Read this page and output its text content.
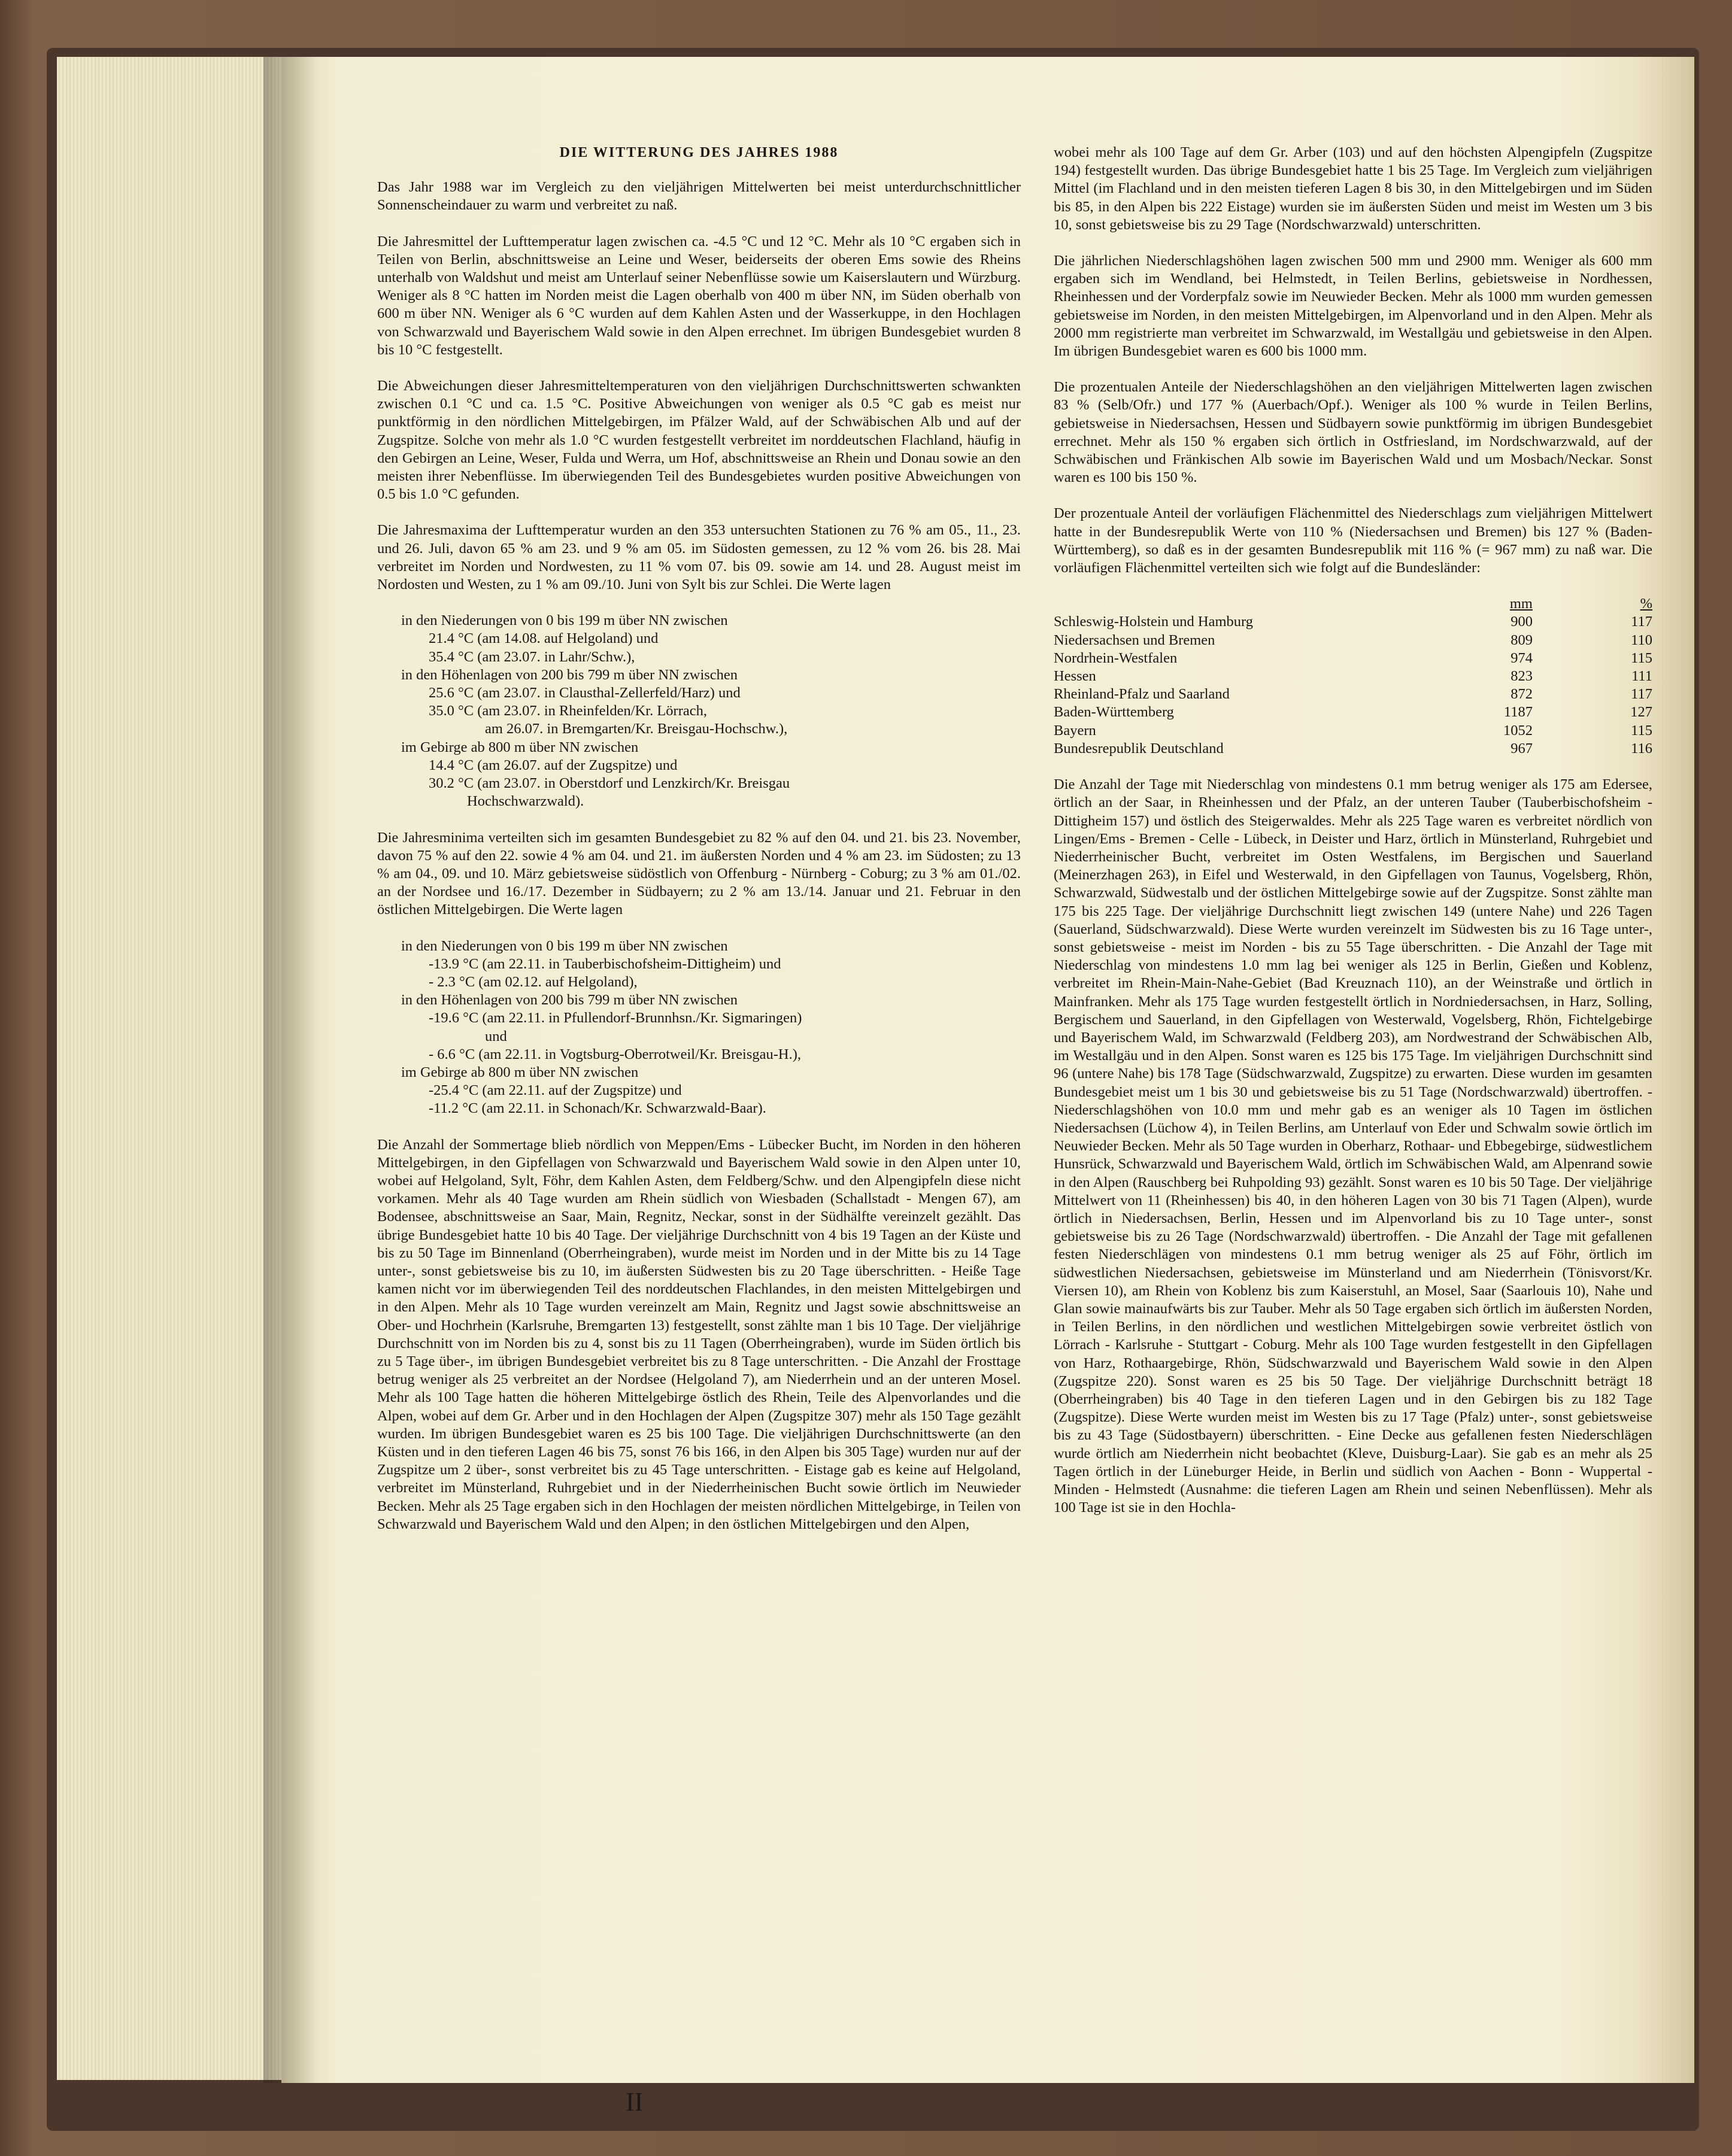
DIE WITTERUNG DES JAHRES 1988

Das Jahr 1988 war im Vergleich zu den vieljährigen Mittelwerten bei meist unterdurchschnittlicher Sonnenscheindauer zu warm und verbreitet zu naß.

Die Jahresmittel der Lufttemperatur lagen zwischen ca. -4.5 °C und 12 °C. Mehr als 10 °C ergaben sich in Teilen von Berlin, abschnittsweise an Leine und Weser, beiderseits der oberen Ems sowie des Rheins unterhalb von Waldshut und meist am Unterlauf seiner Nebenflüsse sowie um Kaiserslautern und Würzburg. Weniger als 8 °C hatten im Norden meist die Lagen oberhalb von 400 m über NN, im Süden oberhalb von 600 m über NN. Weniger als 6 °C wurden auf dem Kahlen Asten und der Wasserkuppe, in den Hochlagen von Schwarzwald und Bayerischem Wald sowie in den Alpen errechnet. Im übrigen Bundesgebiet wurden 8 bis 10 °C festgestellt.

Die Abweichungen dieser Jahresmitteltemperaturen von den vieljährigen Durchschnittswerten schwankten zwischen 0.1 °C und ca. 1.5 °C. Positive Abweichungen von weniger als 0.5 °C gab es meist nur punktförmig in den nördlichen Mittelgebirgen, im Pfälzer Wald, auf der Schwäbischen Alb und auf der Zugspitze. Solche von mehr als 1.0 °C wurden festgestellt verbreitet im norddeutschen Flachland, häufig in den Gebirgen an Leine, Weser, Fulda und Werra, um Hof, abschnittsweise an Rhein und Donau sowie an den meisten ihrer Nebenflüsse. Im überwiegenden Teil des Bundesgebietes wurden positive Abweichungen von 0.5 bis 1.0 °C gefunden.

Die Jahresmaxima der Lufttemperatur wurden an den 353 untersuchten Stationen zu 76 % am 05., 11., 23. und 26. Juli, davon 65 % am 23. und 9 % am 05. im Südosten gemessen, zu 12 % vom 26. bis 28. Mai verbreitet im Norden und Nordwesten, zu 11 % vom 07. bis 09. sowie am 14. und 28. August meist im Nordosten und Westen, zu 1 % am 09./10. Juni von Sylt bis zur Schlei. Die Werte lagen

in den Niederungen von 0 bis 199 m über NN zwischen
21.4 °C (am 14.08. auf Helgoland) und
35.4 °C (am 23.07. in Lahr/Schw.),
in den Höhenlagen von 200 bis 799 m über NN zwischen
25.6 °C (am 23.07. in Clausthal-Zellerfeld/Harz) und
35.0 °C (am 23.07. in Rheinfelden/Kr. Lörrach,
am 26.07. in Bremgarten/Kr. Breisgau-Hochschw.),
im Gebirge ab 800 m über NN zwischen
14.4 °C (am 26.07. auf der Zugspitze) und
30.2 °C (am 23.07. in Oberstdorf und Lenzkirch/Kr. Breisgau
Hochschwarzwald).

Die Jahresminima verteilten sich im gesamten Bundesgebiet zu 82 % auf den 04. und 21. bis 23. November, davon 75 % auf den 22. sowie 4 % am 04. und 21. im äußersten Norden und 4 % am 23. im Südosten; zu 13 % am 04., 09. und 10. März gebietsweise südöstlich von Offenburg - Nürnberg - Coburg; zu 3 % am 01./02. an der Nordsee und 16./17. Dezember in Südbayern; zu 2 % am 13./14. Januar und 21. Februar in den östlichen Mittelgebirgen. Die Werte lagen

in den Niederungen von 0 bis 199 m über NN zwischen
-13.9 °C (am 22.11. in Tauberbischofsheim-Dittigheim) und
- 2.3 °C (am 02.12. auf Helgoland),
in den Höhenlagen von 200 bis 799 m über NN zwischen
-19.6 °C (am 22.11. in Pfullendorf-Brunnhsn./Kr. Sigmaringen)
und
- 6.6 °C (am 22.11. in Vogtsburg-Oberrotweil/Kr. Breisgau-H.),
im Gebirge ab 800 m über NN zwischen
-25.4 °C (am 22.11. auf der Zugspitze) und
-11.2 °C (am 22.11. in Schonach/Kr. Schwarzwald-Baar).

Die Anzahl der Sommertage blieb nördlich von Meppen/Ems - Lübecker Bucht, im Norden in den höheren Mittelgebirgen, in den Gipfellagen von Schwarzwald und Bayerischem Wald sowie in den Alpen unter 10, wobei auf Helgoland, Sylt, Föhr, dem Kahlen Asten, dem Feldberg/Schw. und den Alpengipfeln diese nicht vorkamen. Mehr als 40 Tage wurden am Rhein südlich von Wiesbaden (Schallstadt - Mengen 67), am Bodensee, abschnittsweise an Saar, Main, Regnitz, Neckar, sonst in der Südhälfte vereinzelt gezählt. Das übrige Bundesgebiet hatte 10 bis 40 Tage. Der vieljährige Durchschnitt von 4 bis 19 Tagen an der Küste und bis zu 50 Tage im Binnenland (Oberrheingraben), wurde meist im Norden und in der Mitte bis zu 14 Tage unter-, sonst gebietsweise bis zu 10, im äußersten Südwesten bis zu 20 Tage überschritten. - Heiße Tage kamen nicht vor im überwiegenden Teil des norddeutschen Flachlandes, in den meisten Mittelgebirgen und in den Alpen. Mehr als 10 Tage wurden vereinzelt am Main, Regnitz und Jagst sowie abschnittsweise an Ober- und Hochrhein (Karlsruhe, Bremgarten 13) festgestellt, sonst zählte man 1 bis 10 Tage. Der vieljährige Durchschnitt von im Norden bis zu 4, sonst bis zu 11 Tagen (Oberrheingraben), wurde im Süden örtlich bis zu 5 Tage über-, im übrigen Bundesgebiet verbreitet bis zu 8 Tage unterschritten. - Die Anzahl der Frosttage betrug weniger als 25 verbreitet an der Nordsee (Helgoland 7), am Niederrhein und an der unteren Mosel. Mehr als 100 Tage hatten die höheren Mittelgebirge östlich des Rhein, Teile des Alpenvorlandes und die Alpen, wobei auf dem Gr. Arber und in den Hochlagen der Alpen (Zugspitze 307) mehr als 150 Tage gezählt wurden. Im übrigen Bundesgebiet waren es 25 bis 100 Tage. Die vieljährigen Durchschnittswerte (an den Küsten und in den tieferen Lagen 46 bis 75, sonst 76 bis 166, in den Alpen bis 305 Tage) wurden nur auf der Zugspitze um 2 über-, sonst verbreitet bis zu 45 Tage unterschritten. - Eistage gab es keine auf Helgoland, verbreitet im Münsterland, Ruhrgebiet und in der Niederrheinischen Bucht sowie örtlich im Neuwieder Becken. Mehr als 25 Tage ergaben sich in den Hochlagen der meisten nördlichen Mittelgebirge, in Teilen von Schwarzwald und Bayerischem Wald und den Alpen; in den östlichen Mittelgebirgen und den Alpen,

wobei mehr als 100 Tage auf dem Gr. Arber (103) und auf den höchsten Alpengipfeln (Zugspitze 194) festgestellt wurden. Das übrige Bundesgebiet hatte 1 bis 25 Tage. Im Vergleich zum vieljährigen Mittel (im Flachland und in den meisten tieferen Lagen 8 bis 30, in den Mittelgebirgen und im Süden bis 85, in den Alpen bis 222 Eistage) wurden sie im äußersten Süden und meist im Westen um 3 bis 10, sonst gebietsweise bis zu 29 Tage (Nordschwarzwald) unterschritten.

Die jährlichen Niederschlagshöhen lagen zwischen 500 mm und 2900 mm. Weniger als 600 mm ergaben sich im Wendland, bei Helmstedt, in Teilen Berlins, gebietsweise in Nordhessen, Rheinhessen und der Vorderpfalz sowie im Neuwieder Becken. Mehr als 1000 mm wurden gemessen gebietsweise im Norden, in den meisten Mittelgebirgen, im Alpenvorland und in den Alpen. Mehr als 2000 mm registrierte man verbreitet im Schwarzwald, im Westallgäu und gebietsweise in den Alpen. Im übrigen Bundesgebiet waren es 600 bis 1000 mm.

Die prozentualen Anteile der Niederschlagshöhen an den vieljährigen Mittelwerten lagen zwischen 83 % (Selb/Ofr.) und 177 % (Auerbach/Opf.). Weniger als 100 % wurde in Teilen Berlins, gebietsweise in Niedersachsen, Hessen und Südbayern sowie punktförmig im übrigen Bundesgebiet errechnet. Mehr als 150 % ergaben sich örtlich in Ostfriesland, im Nordschwarzwald, auf der Schwäbischen und Fränkischen Alb sowie im Bayerischen Wald und um Mosbach/Neckar. Sonst waren es 100 bis 150 %.

Der prozentuale Anteil der vorläufigen Flächenmittel des Niederschlags zum vieljährigen Mittelwert hatte in der Bundesrepublik Werte von 110 % (Niedersachsen und Bremen) bis 127 % (Baden-Württemberg), so daß es in der gesamten Bundesrepublik mit 116 % (= 967 mm) zu naß war. Die vorläufigen Flächenmittel verteilten sich wie folgt auf die Bundesländer:

	mm	%
Schleswig-Holstein und Hamburg	900	117
Niedersachsen und Bremen	809	110
Nordrhein-Westfalen	974	115
Hessen	823	111
Rheinland-Pfalz und Saarland	872	117
Baden-Württemberg	1187	127
Bayern	1052	115
Bundesrepublik Deutschland	967	116

Die Anzahl der Tage mit Niederschlag von mindestens 0.1 mm betrug weniger als 175 am Edersee, örtlich an der Saar, in Rheinhessen und der Pfalz, an der unteren Tauber (Tauberbischofsheim - Dittigheim 157) und östlich des Steigerwaldes. Mehr als 225 Tage waren es verbreitet nördlich von Lingen/Ems - Bremen - Celle - Lübeck, in Deister und Harz, örtlich in Münsterland, Ruhrgebiet und Niederrheinischer Bucht, verbreitet im Osten Westfalens, im Bergischen und Sauerland (Meinerzhagen 263), in Eifel und Westerwald, in den Gipfellagen von Taunus, Vogelsberg, Rhön, Schwarzwald, Südwestalb und der östlichen Mittelgebirge sowie auf der Zugspitze. Sonst zählte man 175 bis 225 Tage. Der vieljährige Durchschnitt liegt zwischen 149 (untere Nahe) und 226 Tagen (Sauerland, Südschwarzwald). Diese Werte wurden vereinzelt im Südwesten bis zu 16 Tage unter-, sonst gebietsweise - meist im Norden - bis zu 55 Tage überschritten. - Die Anzahl der Tage mit Niederschlag von mindestens 1.0 mm lag bei weniger als 125 in Berlin, Gießen und Koblenz, verbreitet im Rhein-Main-Nahe-Gebiet (Bad Kreuznach 110), an der Weinstraße und örtlich in Mainfranken. Mehr als 175 Tage wurden festgestellt örtlich in Nordniedersachsen, in Harz, Solling, Bergischem und Sauerland, in den Gipfellagen von Westerwald, Vogelsberg, Rhön, Fichtelgebirge und Bayerischem Wald, im Schwarzwald (Feldberg 203), am Nordwestrand der Schwäbischen Alb, im Westallgäu und in den Alpen. Sonst waren es 125 bis 175 Tage. Im vieljährigen Durchschnitt sind 96 (untere Nahe) bis 178 Tage (Südschwarzwald, Zugspitze) zu erwarten. Diese wurden im gesamten Bundesgebiet meist um 1 bis 30 und gebietsweise bis zu 51 Tage (Nordschwarzwald) übertroffen. - Niederschlagshöhen von 10.0 mm und mehr gab es an weniger als 10 Tagen im östlichen Niedersachsen (Lüchow 4), in Teilen Berlins, am Unterlauf von Eder und Schwalm sowie örtlich im Neuwieder Becken. Mehr als 50 Tage wurden in Oberharz, Rothaar- und Ebbegebirge, südwestlichem Hunsrück, Schwarzwald und Bayerischem Wald, örtlich im Schwäbischen Wald, am Alpenrand sowie in den Alpen (Rauschberg bei Ruhpolding 93) gezählt. Sonst waren es 10 bis 50 Tage. Der vieljährige Mittelwert von 11 (Rheinhessen) bis 40, in den höheren Lagen von 30 bis 71 Tagen (Alpen), wurde örtlich in Niedersachsen, Berlin, Hessen und im Alpenvorland bis zu 10 Tage unter-, sonst gebietsweise bis zu 26 Tage (Nordschwarzwald) übertroffen. - Die Anzahl der Tage mit gefallenen festen Niederschlägen von mindestens 0.1 mm betrug weniger als 25 auf Föhr, örtlich im südwestlichen Niedersachsen, gebietsweise im Münsterland und am Niederrhein (Tönisvorst/Kr. Viersen 10), am Rhein von Koblenz bis zum Kaiserstuhl, an Mosel, Saar (Saarlouis 10), Nahe und Glan sowie mainaufwärts bis zur Tauber. Mehr als 50 Tage ergaben sich örtlich im äußersten Norden, in Teilen Berlins, in den nördlichen und westlichen Mittelgebirgen sowie verbreitet östlich von Lörrach - Karlsruhe - Stuttgart - Coburg. Mehr als 100 Tage wurden festgestellt in den Gipfellagen von Harz, Rothaargebirge, Rhön, Südschwarzwald und Bayerischem Wald sowie in den Alpen (Zugspitze 220). Sonst waren es 25 bis 50 Tage. Der vieljährige Durchschnitt beträgt 18 (Oberrheingraben) bis 40 Tage in den tieferen Lagen und in den Gebirgen bis zu 182 Tage (Zugspitze). Diese Werte wurden meist im Westen bis zu 17 Tage (Pfalz) unter-, sonst gebietsweise bis zu 43 Tage (Südostbayern) überschritten. - Eine Decke aus gefallenen festen Niederschlägen wurde örtlich am Niederrhein nicht beobachtet (Kleve, Duisburg-Laar). Sie gab es an mehr als 25 Tagen örtlich in der Lüneburger Heide, in Berlin und südlich von Aachen - Bonn - Wuppertal - Minden - Helmstedt (Ausnahme: die tieferen Lagen am Rhein und seinen Nebenflüssen). Mehr als 100 Tage ist sie in den Hochla-

II
